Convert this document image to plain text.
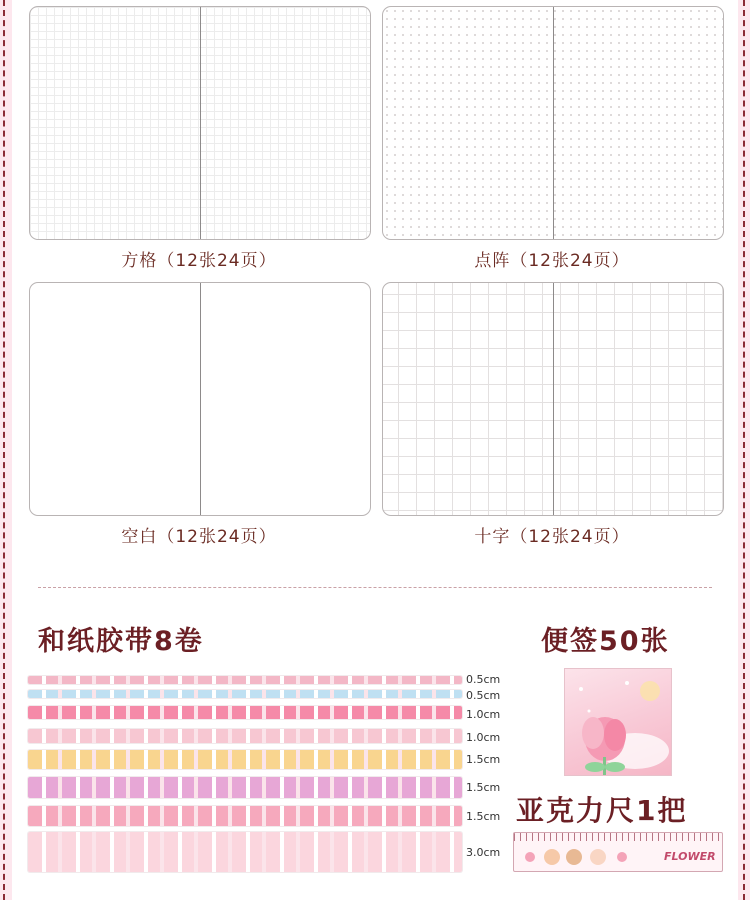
方格（12张24页）	点阵（12张24页）
空白（12张24页）	十字（12张24页）
和纸胶带8卷
0.5cm
0.5cm
1.0cm
1.0cm
1.5cm
1.5cm
1.5cm
3.0cm
便签50张
亚克力尺1把
FLOWER
